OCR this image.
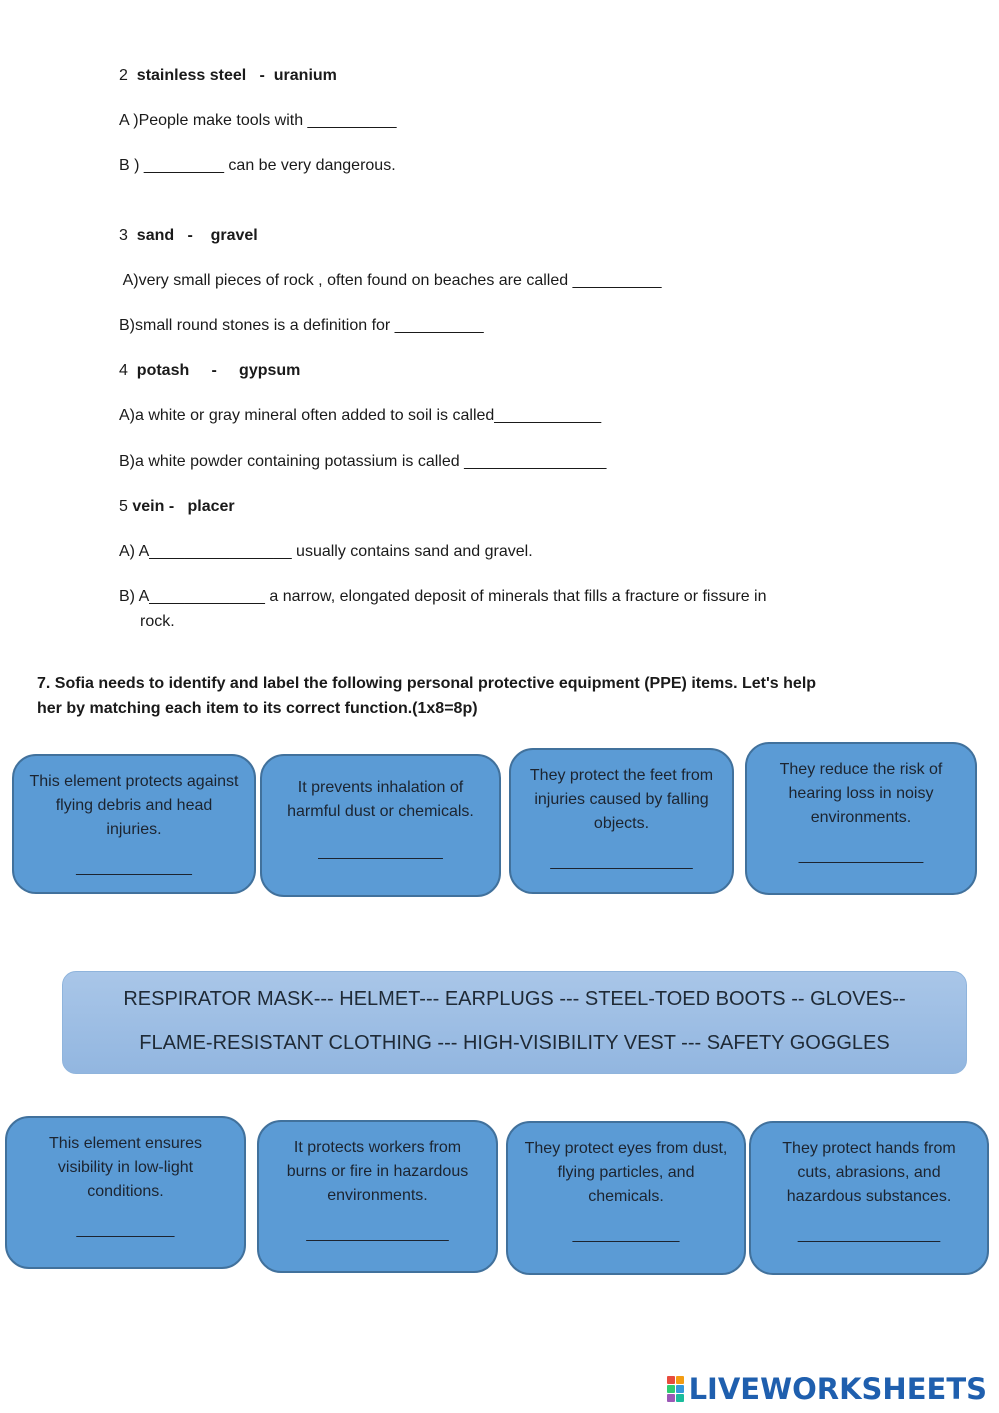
2 stainless steel - uranium
A )People make tools with __________
B ) _________ can be very dangerous.
3 sand - gravel
A)very small pieces of rock , often found on beaches are called __________
B)small round stones is a definition for __________
4 potash - gypsum
A)a white or gray mineral often added to soil is called____________
B)a white powder containing potassium is called ________________
5 vein - placer
A) A________________ usually contains sand and gravel.
B) A_____________ a narrow, elongated deposit of minerals that fills a fracture or fissure in
rock.
7. Sofia needs to identify and label the following personal protective equipment (PPE) items. Let's help
her by matching each item to its correct function.(1x8=8p)
This element protects against flying debris and head injuries.
_____________
It prevents inhalation of harmful dust or chemicals.
______________
They protect the feet from injuries caused by falling objects.
________________
They reduce the risk of hearing loss in noisy environments.
______________
RESPIRATOR MASK--- HELMET--- EARPLUGS --- STEEL-TOED BOOTS -- GLOVES--
FLAME-RESISTANT CLOTHING --- HIGH-VISIBILITY VEST --- SAFETY GOGGLES
This element ensures visibility in low-light conditions.
___________
It protects workers from burns or fire in hazardous environments.
________________
They protect eyes from dust, flying particles, and chemicals.
____________
They protect hands from cuts, abrasions, and hazardous substances.
________________
LIVEWORKSHEETS
